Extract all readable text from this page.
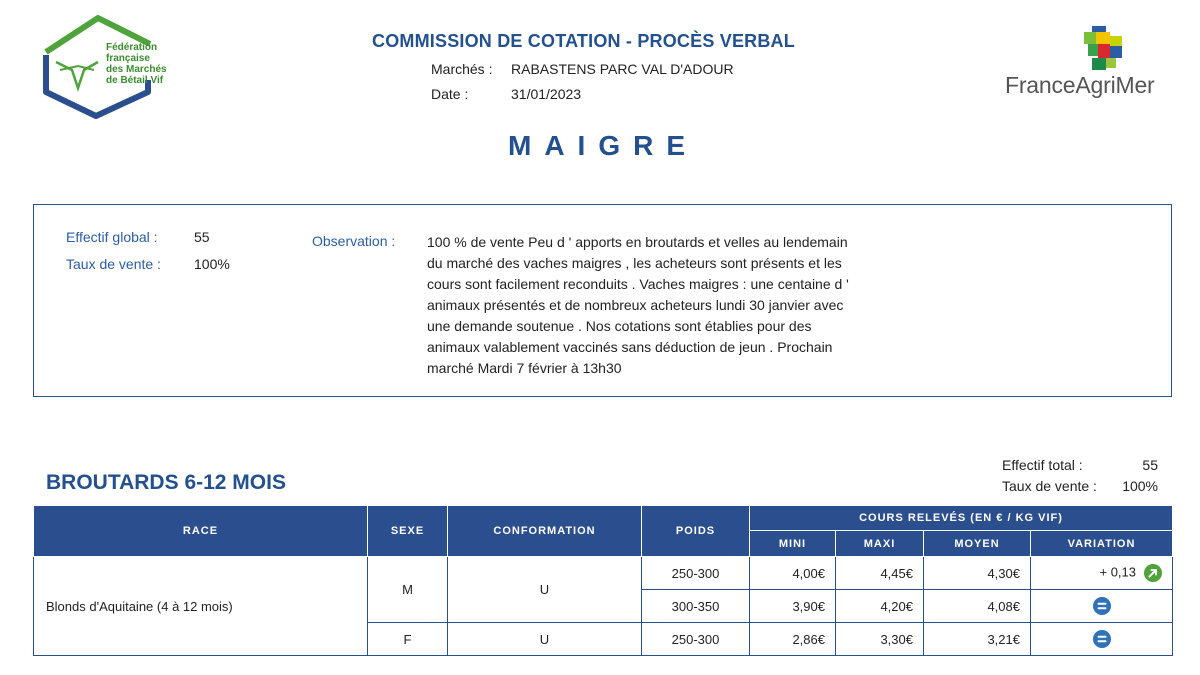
Fédération
française
des Marchés
de Bétail Vif
COMMISSION DE COTATION - PROCÈS VERBAL
Marchés : RABASTENS PARC VAL D'ADOUR
Date :	31/01/2023	FranceAgriMer
MAIGRE
Effectif global :	55
Taux de vente : 100%
Observation : 100 % de vente Peu d ' apports en broutards et velles au lendemain
du marché des vaches maigres , les acheteurs sont présents et les
cours sont facilement reconduits . Vaches maigres : une centaine d '
animaux présentés et de nombreux acheteurs lundi 30 janvier avec
une demande soutenue . Nos cotations sont établies pour des
animaux valablement vaccinés sans déduction de jeun . Prochain
marché Mardi 7 février à 13h30
BROUTARDS 6-12 MOIS
Effectif total :	55
Taux de vente : 100%
RACE	SEXE	CONFORMATION	POIDS	COURS RELEVÉS (EN € / KG VIF)			
				MINI	MAXI	MOYEN	VARIATION
Blonds d'Aquitaine (4 à 12 mois)	M	U	250-300	4,00€	4,45€	4,30€	+ 0,13
			300-350	3,90€	4,20€	4,08€	
	F	U	250-300	2,86€	3,30€	3,21€	
